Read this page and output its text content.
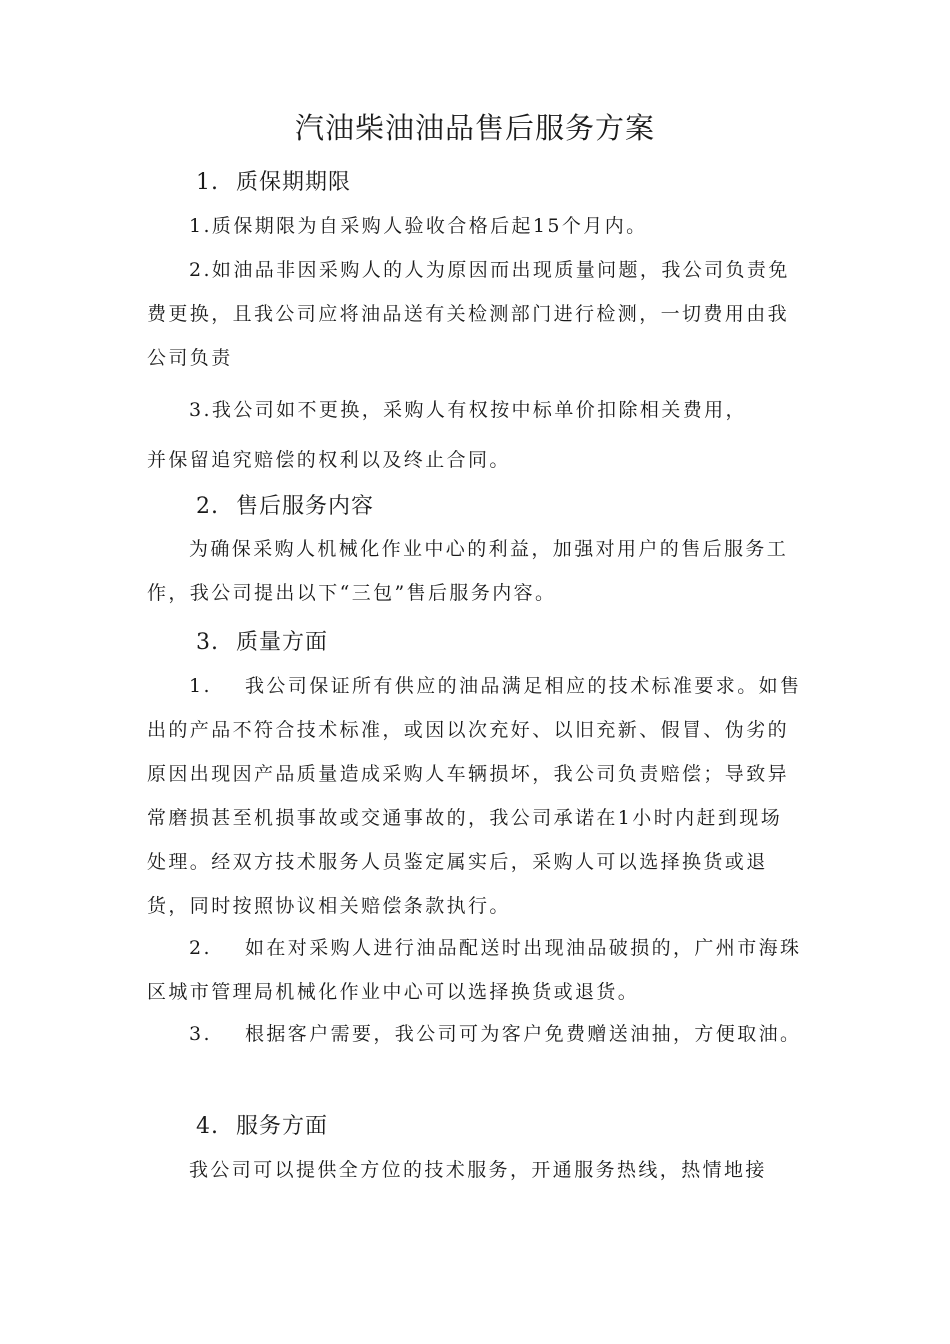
汽油柴油油品售后服务方案
1. 质保期期限
1.质保期限为自采购人验收合格后起15个月内。
2.如油品非因采购人的人为原因而出现质量问题，我公司负责免费更换，且我公司应将油品送有关检测部门进行检测，一切费用由我公司负责
3.我公司如不更换，采购人有权按中标单价扣除相关费用，
并保留追究赔偿的权利以及终止合同。
2. 售后服务内容
为确保采购人机械化作业中心的利益，加强对用户的售后服务工作，我公司提出以下“三包”售后服务内容。
3. 质量方面
1. 我公司保证所有供应的油品满足相应的技术标准要求。如售出的产品不符合技术标准，或因以次充好、以旧充新、假冒、伪劣的原因出现因产品质量造成采购人车辆损坏，我公司负责赔偿；导致异常磨损甚至机损事故或交通事故的，我公司承诺在1小时内赶到现场处理。经双方技术服务人员鉴定属实后，采购人可以选择换货或退货，同时按照协议相关赔偿条款执行。
2. 如在对采购人进行油品配送时出现油品破损的，广州市海珠区城市管理局机械化作业中心可以选择换货或退货。
3. 根据客户需要，我公司可为客户免费赠送油抽，方便取油。
4. 服务方面
我公司可以提供全方位的技术服务，开通服务热线，热情地接
